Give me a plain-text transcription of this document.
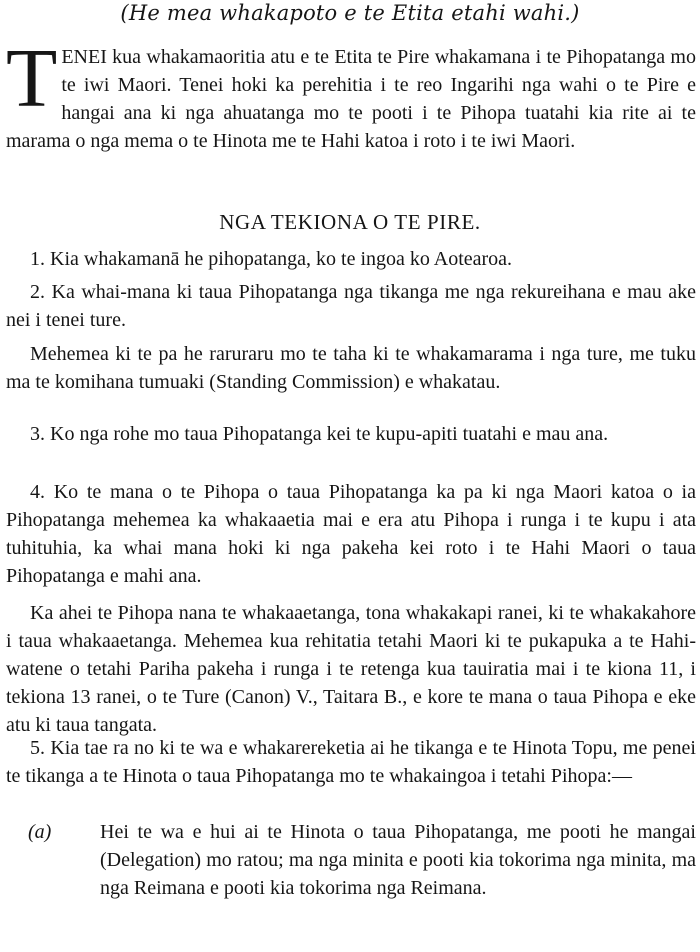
(He mea whakapoto e te Etita etahi wahi.)
T ENEI kua whakamaoritia atu e te Etita te Pire whakamana i te Pihopatanga mo te iwi Maori. Tenei hoki ka perehitia i te reo Ingarihi nga wahi o te Pire e hangai ana ki nga ahuatanga mo te pooti i te Pihopa tuatahi kia rite ai te marama o nga mema o te Hinota me te Hahi katoa i roto i te iwi Maori.

NGA TEKIONA O TE PIRE.

1. Kia whakamanā he pihopatanga, ko te ingoa ko Aotearoa.

2. Ka whai-mana ki taua Pihopatanga nga tikanga me nga rekureihana e mau ake nei i tenei ture.

Mehemea ki te pa he raruraru mo te taha ki te whakamarama i nga ture, me tuku ma te komihana tumuaki (Standing Commission) e whakatau.

3. Ko nga rohe mo taua Pihopatanga kei te kupu-apiti tuatahi e mau ana.

4. Ko te mana o te Pihopa o taua Pihopatanga ka pa ki nga Maori katoa o ia Pihopatanga mehemea ka whakaaetia mai e era atu Pihopa i runga i te kupu i ata tuhituhia, ka whai mana hoki ki nga pakeha kei roto i te Hahi Maori o taua Pihopatanga e mahi ana.

Ka ahei te Pihopa nana te whakaaetanga, tona whakakapi ranei, ki te whakakahore i taua whakaaetanga. Mehemea kua rehitatia tetahi Maori ki te pukapuka a te Hahi-watene o tetahi Pariha pakeha i runga i te retenga kua tauiratia mai i te kiona 11, i tekiona 13 ranei, o te Ture (Canon) V., Taitara B., e kore te mana o taua Pihopa e eke atu ki taua tangata.

5. Kia tae ra no ki te wa e whakarereketia ai he tikanga e te Hinota Topu, me penei te tikanga a te Hinota o taua Pihopatanga mo te whakaingoa i tetahi Pihopa:—

(a)	Hei te wa e hui ai te Hinota o taua Pihopatanga, me pooti he mangai (Delegation) mo ratou; ma nga minita e pooti kia tokorima nga minita, ma nga Reimana e pooti kia tokorima nga Reimana.
